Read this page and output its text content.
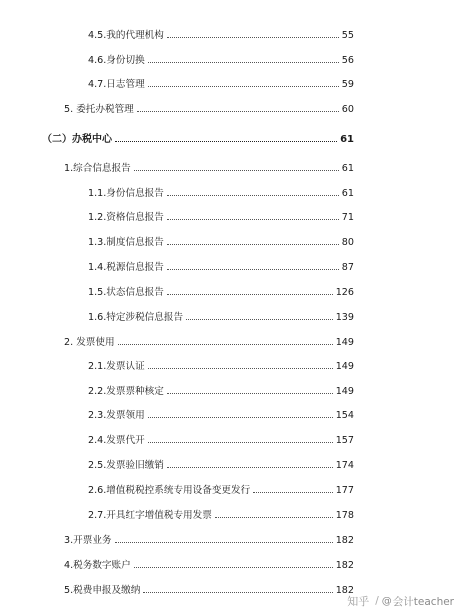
4.5.我的代理机构	55
4.6.身份切换	56
4.7.日志管理	59
5. 委托办税管理	60
（二）办税中心	61
1.综合信息报告	61
1.1.身份信息报告	61
1.2.资格信息报告	71
1.3.制度信息报告	80
1.4.税源信息报告	87
1.5.状态信息报告	126
1.6.特定涉税信息报告	139
2. 发票使用	149
2.1.发票认证	149
2.2.发票票种核定	149
2.3.发票领用	154
2.4.发票代开	157
2.5.发票验旧缴销	174
2.6.增值税税控系统专用设备变更发行	177
2.7.开具红字增值税专用发票	178
3.开票业务	182
4.税务数字账户	182
5.税费申报及缴纳	182
知乎 / @ 会计teacher
